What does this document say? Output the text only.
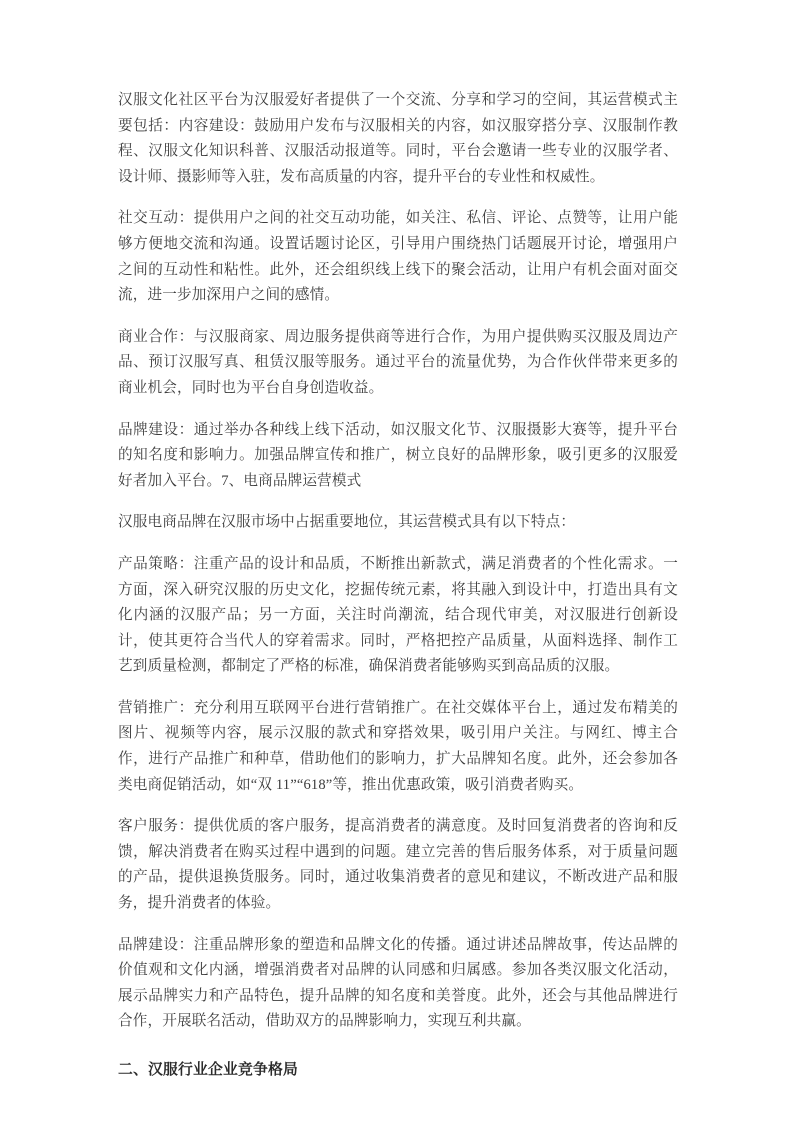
汉服文化社区平台为汉服爱好者提供了一个交流、分享和学习的空间，其运营模式主要包括：内容建设：鼓励用户发布与汉服相关的内容，如汉服穿搭分享、汉服制作教程、汉服文化知识科普、汉服活动报道等。同时，平台会邀请一些专业的汉服学者、设计师、摄影师等入驻，发布高质量的内容，提升平台的专业性和权威性。

社交互动：提供用户之间的社交互动功能，如关注、私信、评论、点赞等，让用户能够方便地交流和沟通。设置话题讨论区，引导用户围绕热门话题展开讨论，增强用户之间的互动性和粘性。此外，还会组织线上线下的聚会活动，让用户有机会面对面交流，进一步加深用户之间的感情。

商业合作：与汉服商家、周边服务提供商等进行合作，为用户提供购买汉服及周边产品、预订汉服写真、租赁汉服等服务。通过平台的流量优势，为合作伙伴带来更多的商业机会，同时也为平台自身创造收益。

品牌建设：通过举办各种线上线下活动，如汉服文化节、汉服摄影大赛等，提升平台的知名度和影响力。加强品牌宣传和推广，树立良好的品牌形象，吸引更多的汉服爱好者加入平台。7、电商品牌运营模式

汉服电商品牌在汉服市场中占据重要地位，其运营模式具有以下特点：

产品策略：注重产品的设计和品质，不断推出新款式，满足消费者的个性化需求。一方面，深入研究汉服的历史文化，挖掘传统元素，将其融入到设计中，打造出具有文化内涵的汉服产品；另一方面，关注时尚潮流，结合现代审美，对汉服进行创新设计，使其更符合当代人的穿着需求。同时，严格把控产品质量，从面料选择、制作工艺到质量检测，都制定了严格的标准，确保消费者能够购买到高品质的汉服。

营销推广：充分利用互联网平台进行营销推广。在社交媒体平台上，通过发布精美的图片、视频等内容，展示汉服的款式和穿搭效果，吸引用户关注。与网红、博主合作，进行产品推广和种草，借助他们的影响力，扩大品牌知名度。此外，还会参加各类电商促销活动，如“双 11”“618”等，推出优惠政策，吸引消费者购买。

客户服务：提供优质的客户服务，提高消费者的满意度。及时回复消费者的咨询和反馈，解决消费者在购买过程中遇到的问题。建立完善的售后服务体系，对于质量问题的产品，提供退换货服务。同时，通过收集消费者的意见和建议，不断改进产品和服务，提升消费者的体验。

品牌建设：注重品牌形象的塑造和品牌文化的传播。通过讲述品牌故事，传达品牌的价值观和文化内涵，增强消费者对品牌的认同感和归属感。参加各类汉服文化活动，展示品牌实力和产品特色，提升品牌的知名度和美誉度。此外，还会与其他品牌进行合作，开展联名活动，借助双方的品牌影响力，实现互利共赢。

二、汉服行业企业竞争格局
